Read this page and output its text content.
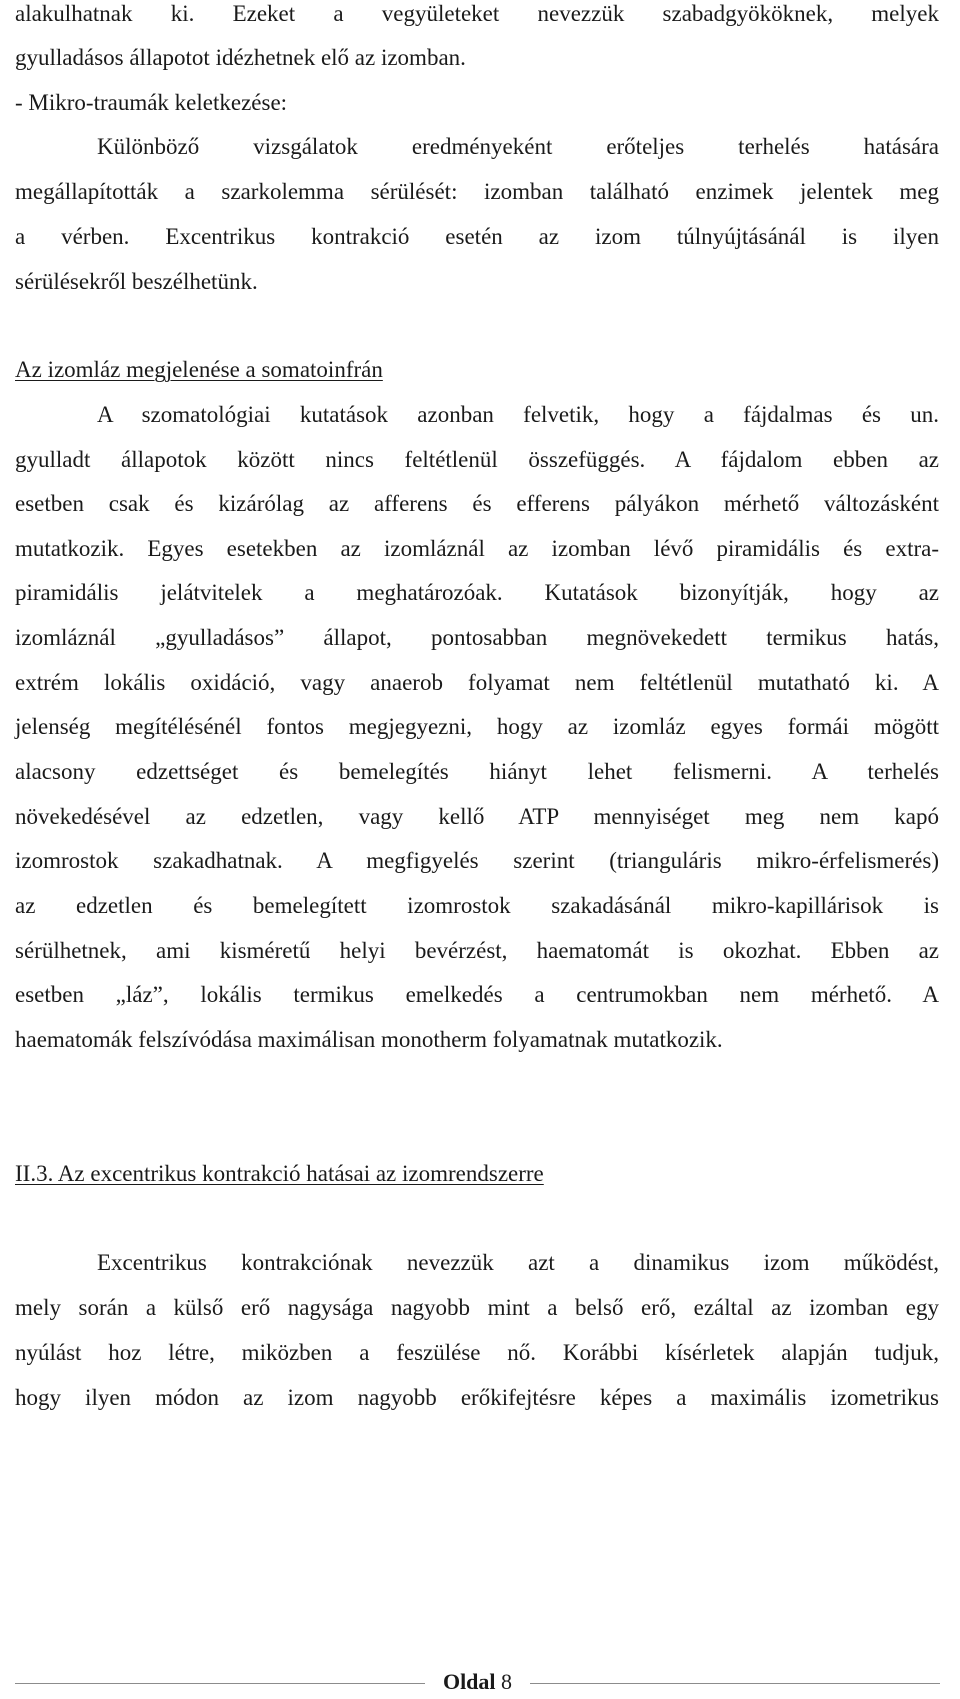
alakulhatnak ki. Ezeket a vegyületeket nevezzük szabadgyököknek, melyek

gyulladásos állapotot idézhetnek elő az izomban.

- Mikro-traumák keletkezése:

Különböző vizsgálatok eredményeként erőteljes terhelés hatására

megállapították a szarkolemma sérülését: izomban található enzimek jelentek meg

a vérben. Excentrikus kontrakció esetén az izom túlnyújtásánál is ilyen

sérülésekről beszélhetünk.

Az izomláz megjelenése a somatoinfrán

A szomatológiai kutatások azonban felvetik, hogy a fájdalmas és un.

gyulladt állapotok között nincs feltétlenül összefüggés. A fájdalom ebben az

esetben csak és kizárólag az afferens és efferens pályákon mérhető változásként

mutatkozik. Egyes esetekben az izomláznál az izomban lévő piramidális és extra-

piramidális jelátvitelek a meghatározóak. Kutatások bizonyítják, hogy az

izomláznál „gyulladásos” állapot, pontosabban megnövekedett termikus hatás,

extrém lokális oxidáció, vagy anaerob folyamat nem feltétlenül mutatható ki. A

jelenség megítélésénél fontos megjegyezni, hogy az izomláz egyes formái mögött

alacsony edzettséget és bemelegítés hiányt lehet felismerni. A terhelés

növekedésével az edzetlen, vagy kellő ATP mennyiséget meg nem kapó

izomrostok szakadhatnak. A megfigyelés szerint (trianguláris mikro-érfelismerés)

az edzetlen és bemelegített izomrostok szakadásánál mikro-kapillárisok is

sérülhetnek, ami kisméretű helyi bevérzést, haematomát is okozhat. Ebben az

esetben „láz”, lokális termikus emelkedés a centrumokban nem mérhető. A

haematomák felszívódása maximálisan monotherm folyamatnak mutatkozik.

II.3. Az excentrikus kontrakció hatásai az izomrendszerre

Excentrikus kontrakciónak nevezzük azt a dinamikus izom működést,

mely során a külső erő nagysága nagyobb mint a belső erő, ezáltal az izomban egy

nyúlást hoz létre, miközben a feszülése nő. Korábbi kísérletek alapján tudjuk,

hogy ilyen módon az izom nagyobb erőkifejtésre képes a maximális izometrikus

Oldal 8
